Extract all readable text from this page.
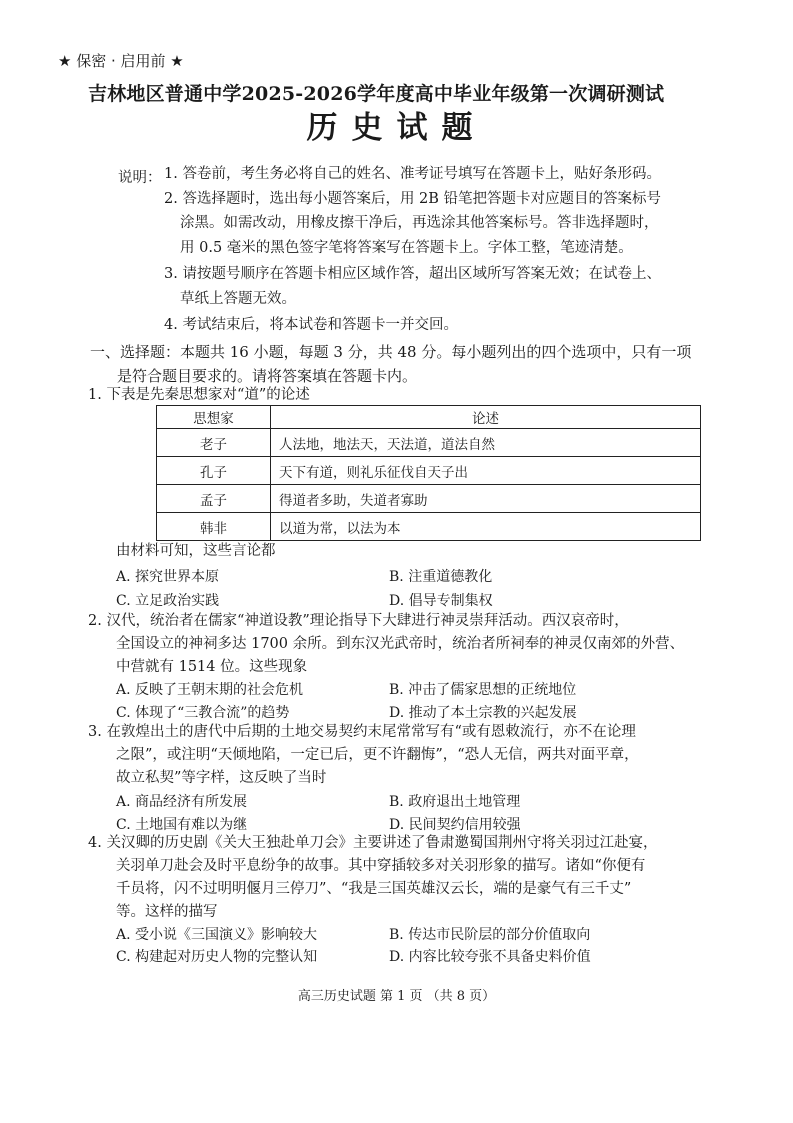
★ 保密 · 启用前 ★
吉林地区普通中学2025-2026学年度高中毕业年级第一次调研测试
历史试题
说明： 1. 答卷前，考生务必将自己的姓名、准考证号填写在答题卡上，贴好条形码。
2. 答选择题时，选出每小题答案后，用 2B 铅笔把答题卡对应题目的答案标号
涂黑。如需改动，用橡皮擦干净后，再选涂其他答案标号。答非选择题时，
用 0.5 毫米的黑色签字笔将答案写在答题卡上。字体工整，笔迹清楚。
3. 请按题号顺序在答题卡相应区域作答，超出区域所写答案无效；在试卷上、
草纸上答题无效。
4. 考试结束后，将本试卷和答题卡一并交回。
一、选择题：本题共 16 小题，每题 3 分，共 48 分。每小题列出的四个选项中，只有一项
是符合题目要求的。请将答案填在答题卡内。
1. 下表是先秦思想家对“道”的论述
思想家	论述
老子	人法地，地法天，天法道，道法自然
孔子	天下有道，则礼乐征伐自天子出
孟子	得道者多助，失道者寡助
韩非	以道为常，以法为本
由材料可知，这些言论都
A. 探究世界本原	B. 注重道德教化
C. 立足政治实践	D. 倡导专制集权
2. 汉代，统治者在儒家“神道设教”理论指导下大肆进行神灵崇拜活动。西汉哀帝时，
全国设立的神祠多达 1700 余所。到东汉光武帝时，统治者所祠奉的神灵仅南郊的外营、
中营就有 1514 位。这些现象
A. 反映了王朝末期的社会危机	B. 冲击了儒家思想的正统地位
C. 体现了“三教合流”的趋势	D. 推动了本土宗教的兴起发展
3. 在敦煌出土的唐代中后期的土地交易契约末尾常常写有“或有恩敕流行，亦不在论理
之限”，或注明“天倾地陷，一定已后，更不许翻悔”，“恐人无信，两共对面平章，
故立私契”等字样，这反映了当时
A. 商品经济有所发展	B. 政府退出土地管理
C. 土地国有难以为继	D. 民间契约信用较强
4. 关汉卿的历史剧《关大王独赴单刀会》主要讲述了鲁肃邀蜀国荆州守将关羽过江赴宴，
关羽单刀赴会及时平息纷争的故事。其中穿插较多对关羽形象的描写。诸如“你便有
千员将，闪不过明明偃月三停刀”、“我是三国英雄汉云长，端的是豪气有三千丈”
等。这样的描写
A. 受小说《三国演义》影响较大	B. 传达市民阶层的部分价值取向
C. 构建起对历史人物的完整认知	D. 内容比较夸张不具备史料价值
高三历史试题 第 1 页 （共 8 页）
